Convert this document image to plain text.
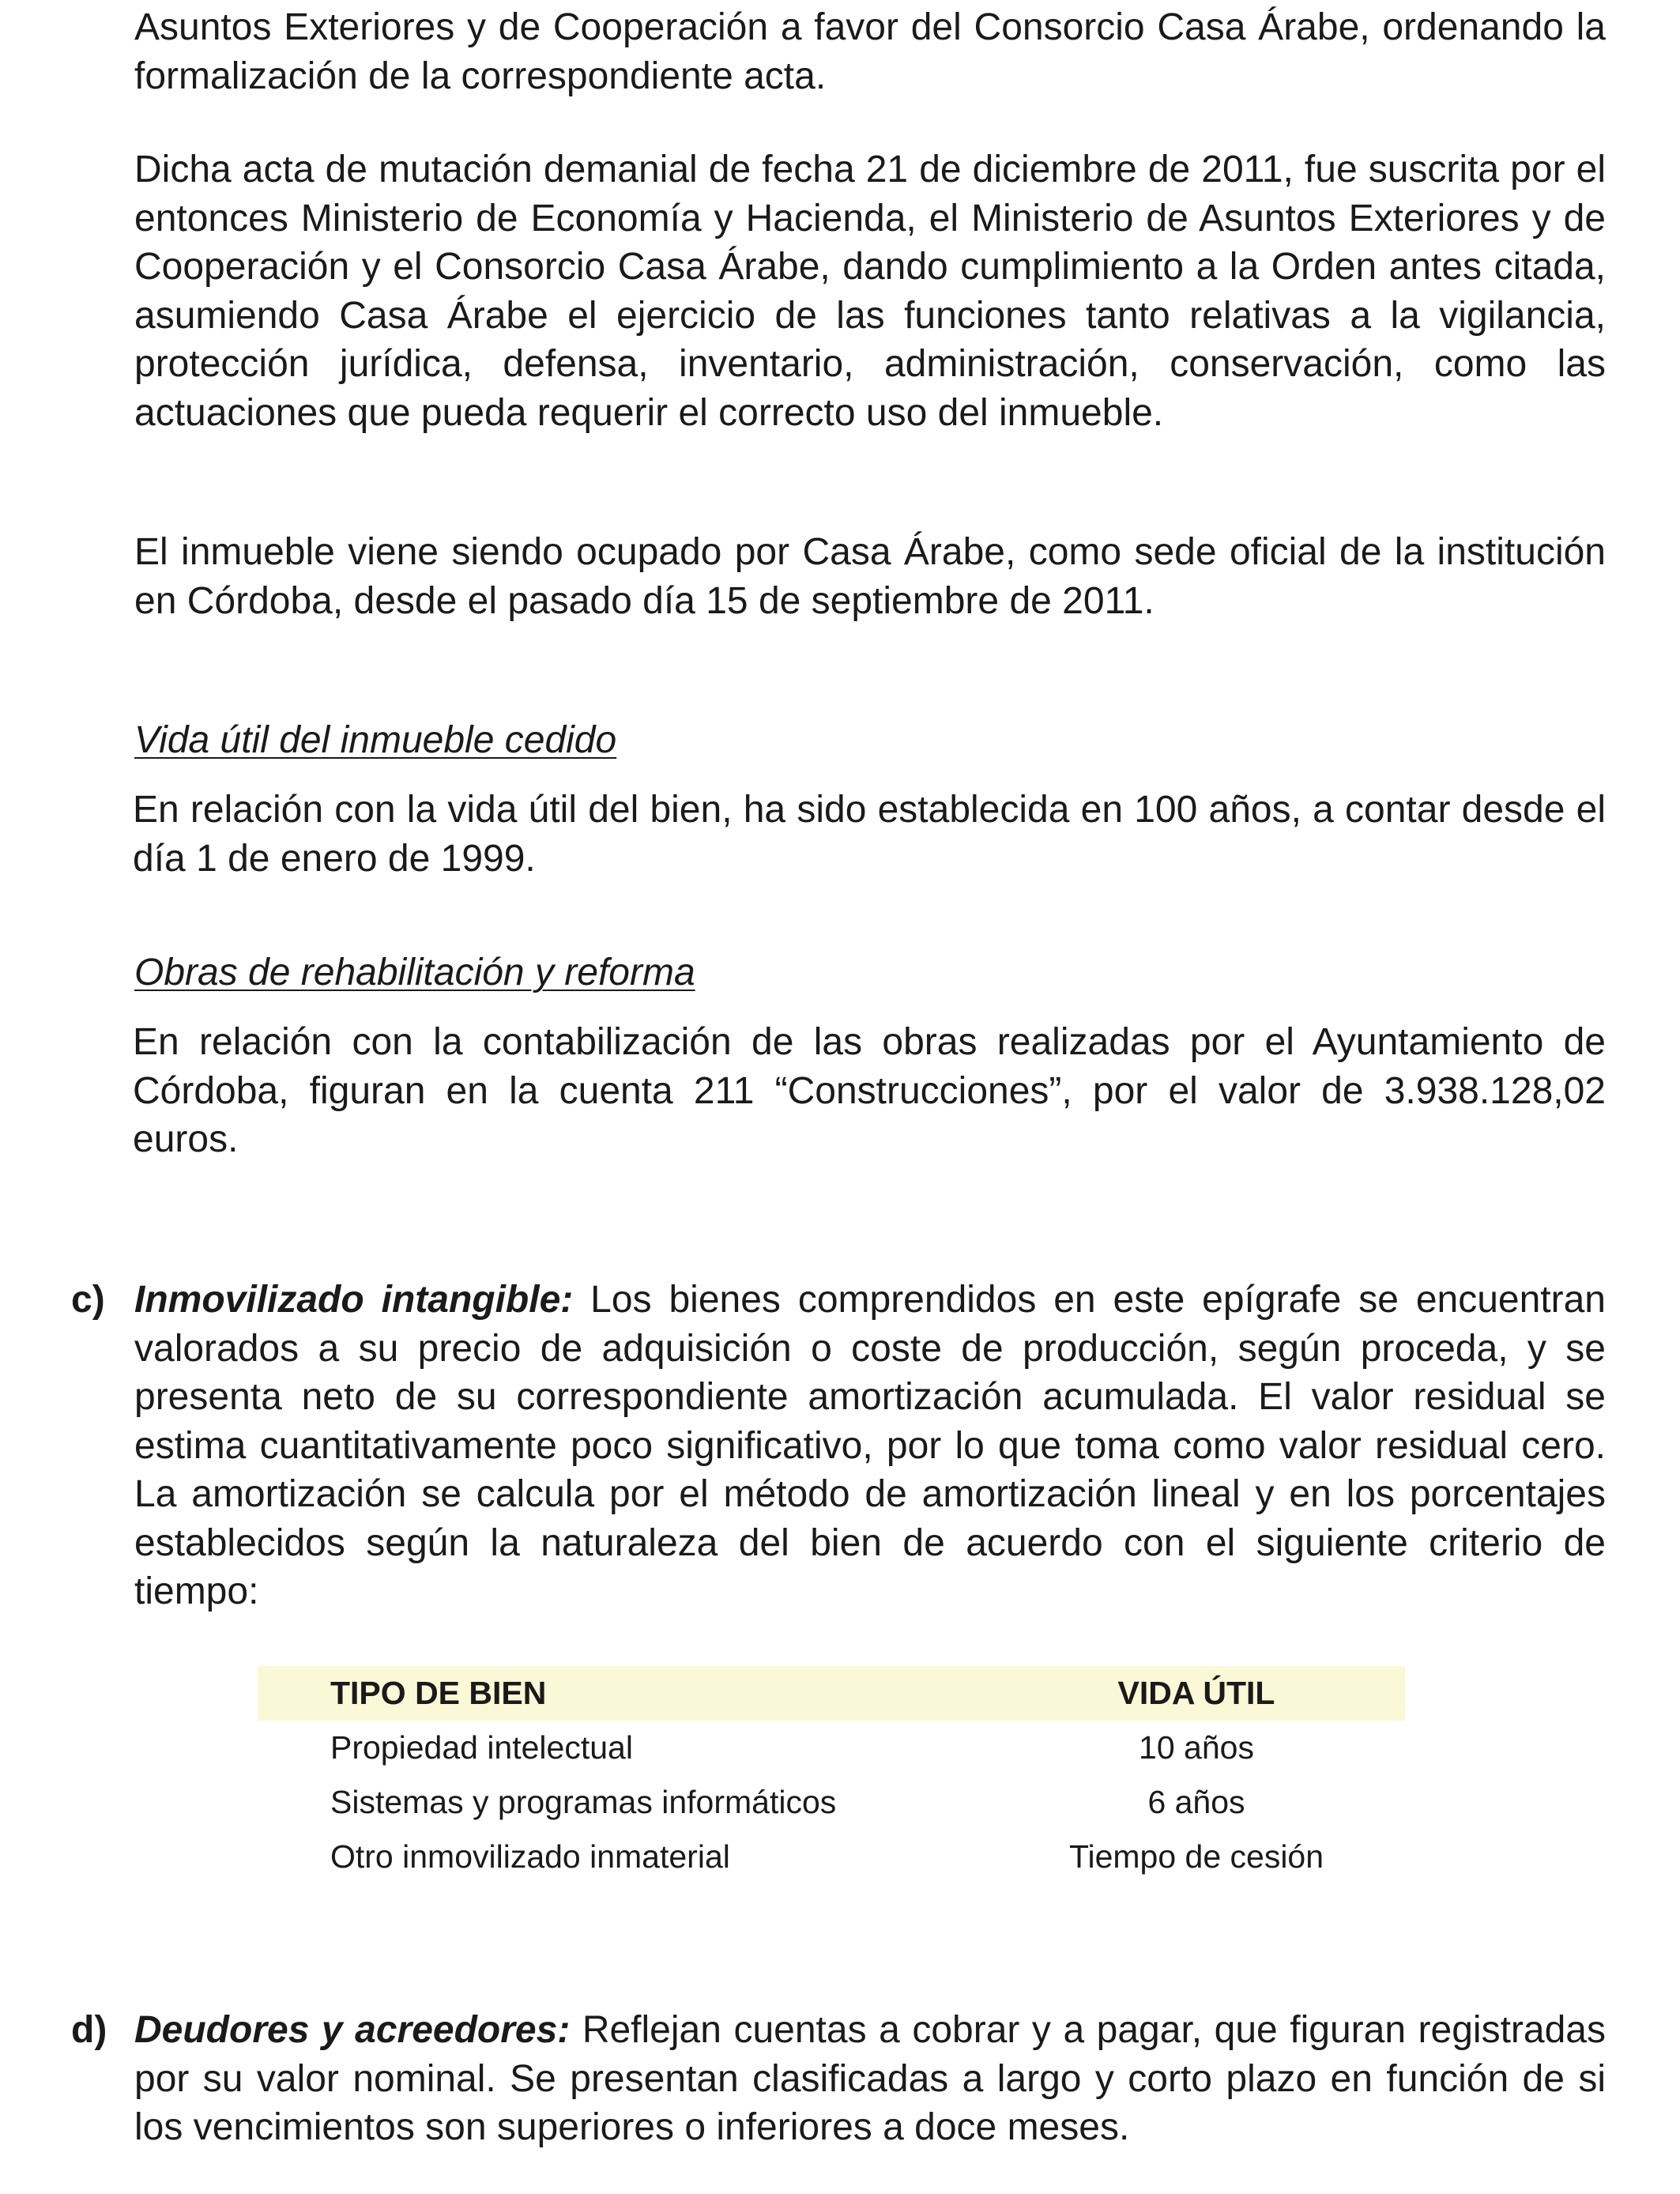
Asuntos Exteriores y de Cooperación a favor del Consorcio Casa Árabe, ordenando la formalización de la correspondiente acta.

Dicha acta de mutación demanial de fecha 21 de diciembre de 2011, fue suscrita por el entonces Ministerio de Economía y Hacienda, el Ministerio de Asuntos Exteriores y de Cooperación y el Consorcio Casa Árabe, dando cumplimiento a la Orden antes citada, asumiendo Casa Árabe el ejercicio de las funciones tanto relativas a la vigilancia, protección jurídica, defensa, inventario, administración, conservación, como las actuaciones que pueda requerir el correcto uso del inmueble.

El inmueble viene siendo ocupado por Casa Árabe, como sede oficial de la institución en Córdoba, desde el pasado día 15 de septiembre de 2011.

Vida útil del inmueble cedido

En relación con la vida útil del bien, ha sido establecida en 100 años, a contar desde el día 1 de enero de 1999.

Obras de rehabilitación y reforma

En relación con la contabilización de las obras realizadas por el Ayuntamiento de Córdoba, figuran en la cuenta 211 “Construcciones”, por el valor de 3.938.128,02 euros.

c) Inmovilizado intangible: Los bienes comprendidos en este epígrafe se encuentran valorados a su precio de adquisición o coste de producción, según proceda, y se presenta neto de su correspondiente amortización acumulada. El valor residual se estima cuantitativamente poco significativo, por lo que toma como valor residual cero. La amortización se calcula por el método de amortización lineal y en los porcentajes establecidos según la naturaleza del bien de acuerdo con el siguiente criterio de tiempo:

TIPO DE BIEN	VIDA ÚTIL
Propiedad intelectual	10 años
Sistemas y programas informáticos	6 años
Otro inmovilizado inmaterial	Tiempo de cesión

d) Deudores y acreedores: Reflejan cuentas a cobrar y a pagar, que figuran registradas por su valor nominal. Se presentan clasificadas a largo y corto plazo en función de si los vencimientos son superiores o inferiores a doce meses.
